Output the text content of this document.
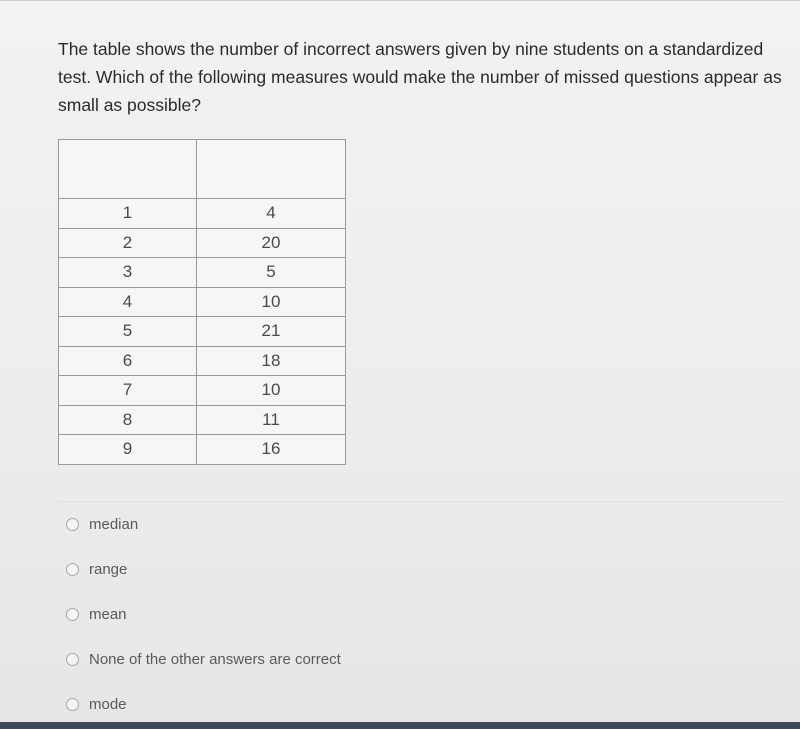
The table shows the number of incorrect answers given by nine students on a standardized test. Which of the following measures would make the number of missed questions appear as small as possible?

1	4
2	20
3	5
4	10
5	21
6	18
7	10
8	11
9	16
median
range
mean
None of the other answers are correct
mode
